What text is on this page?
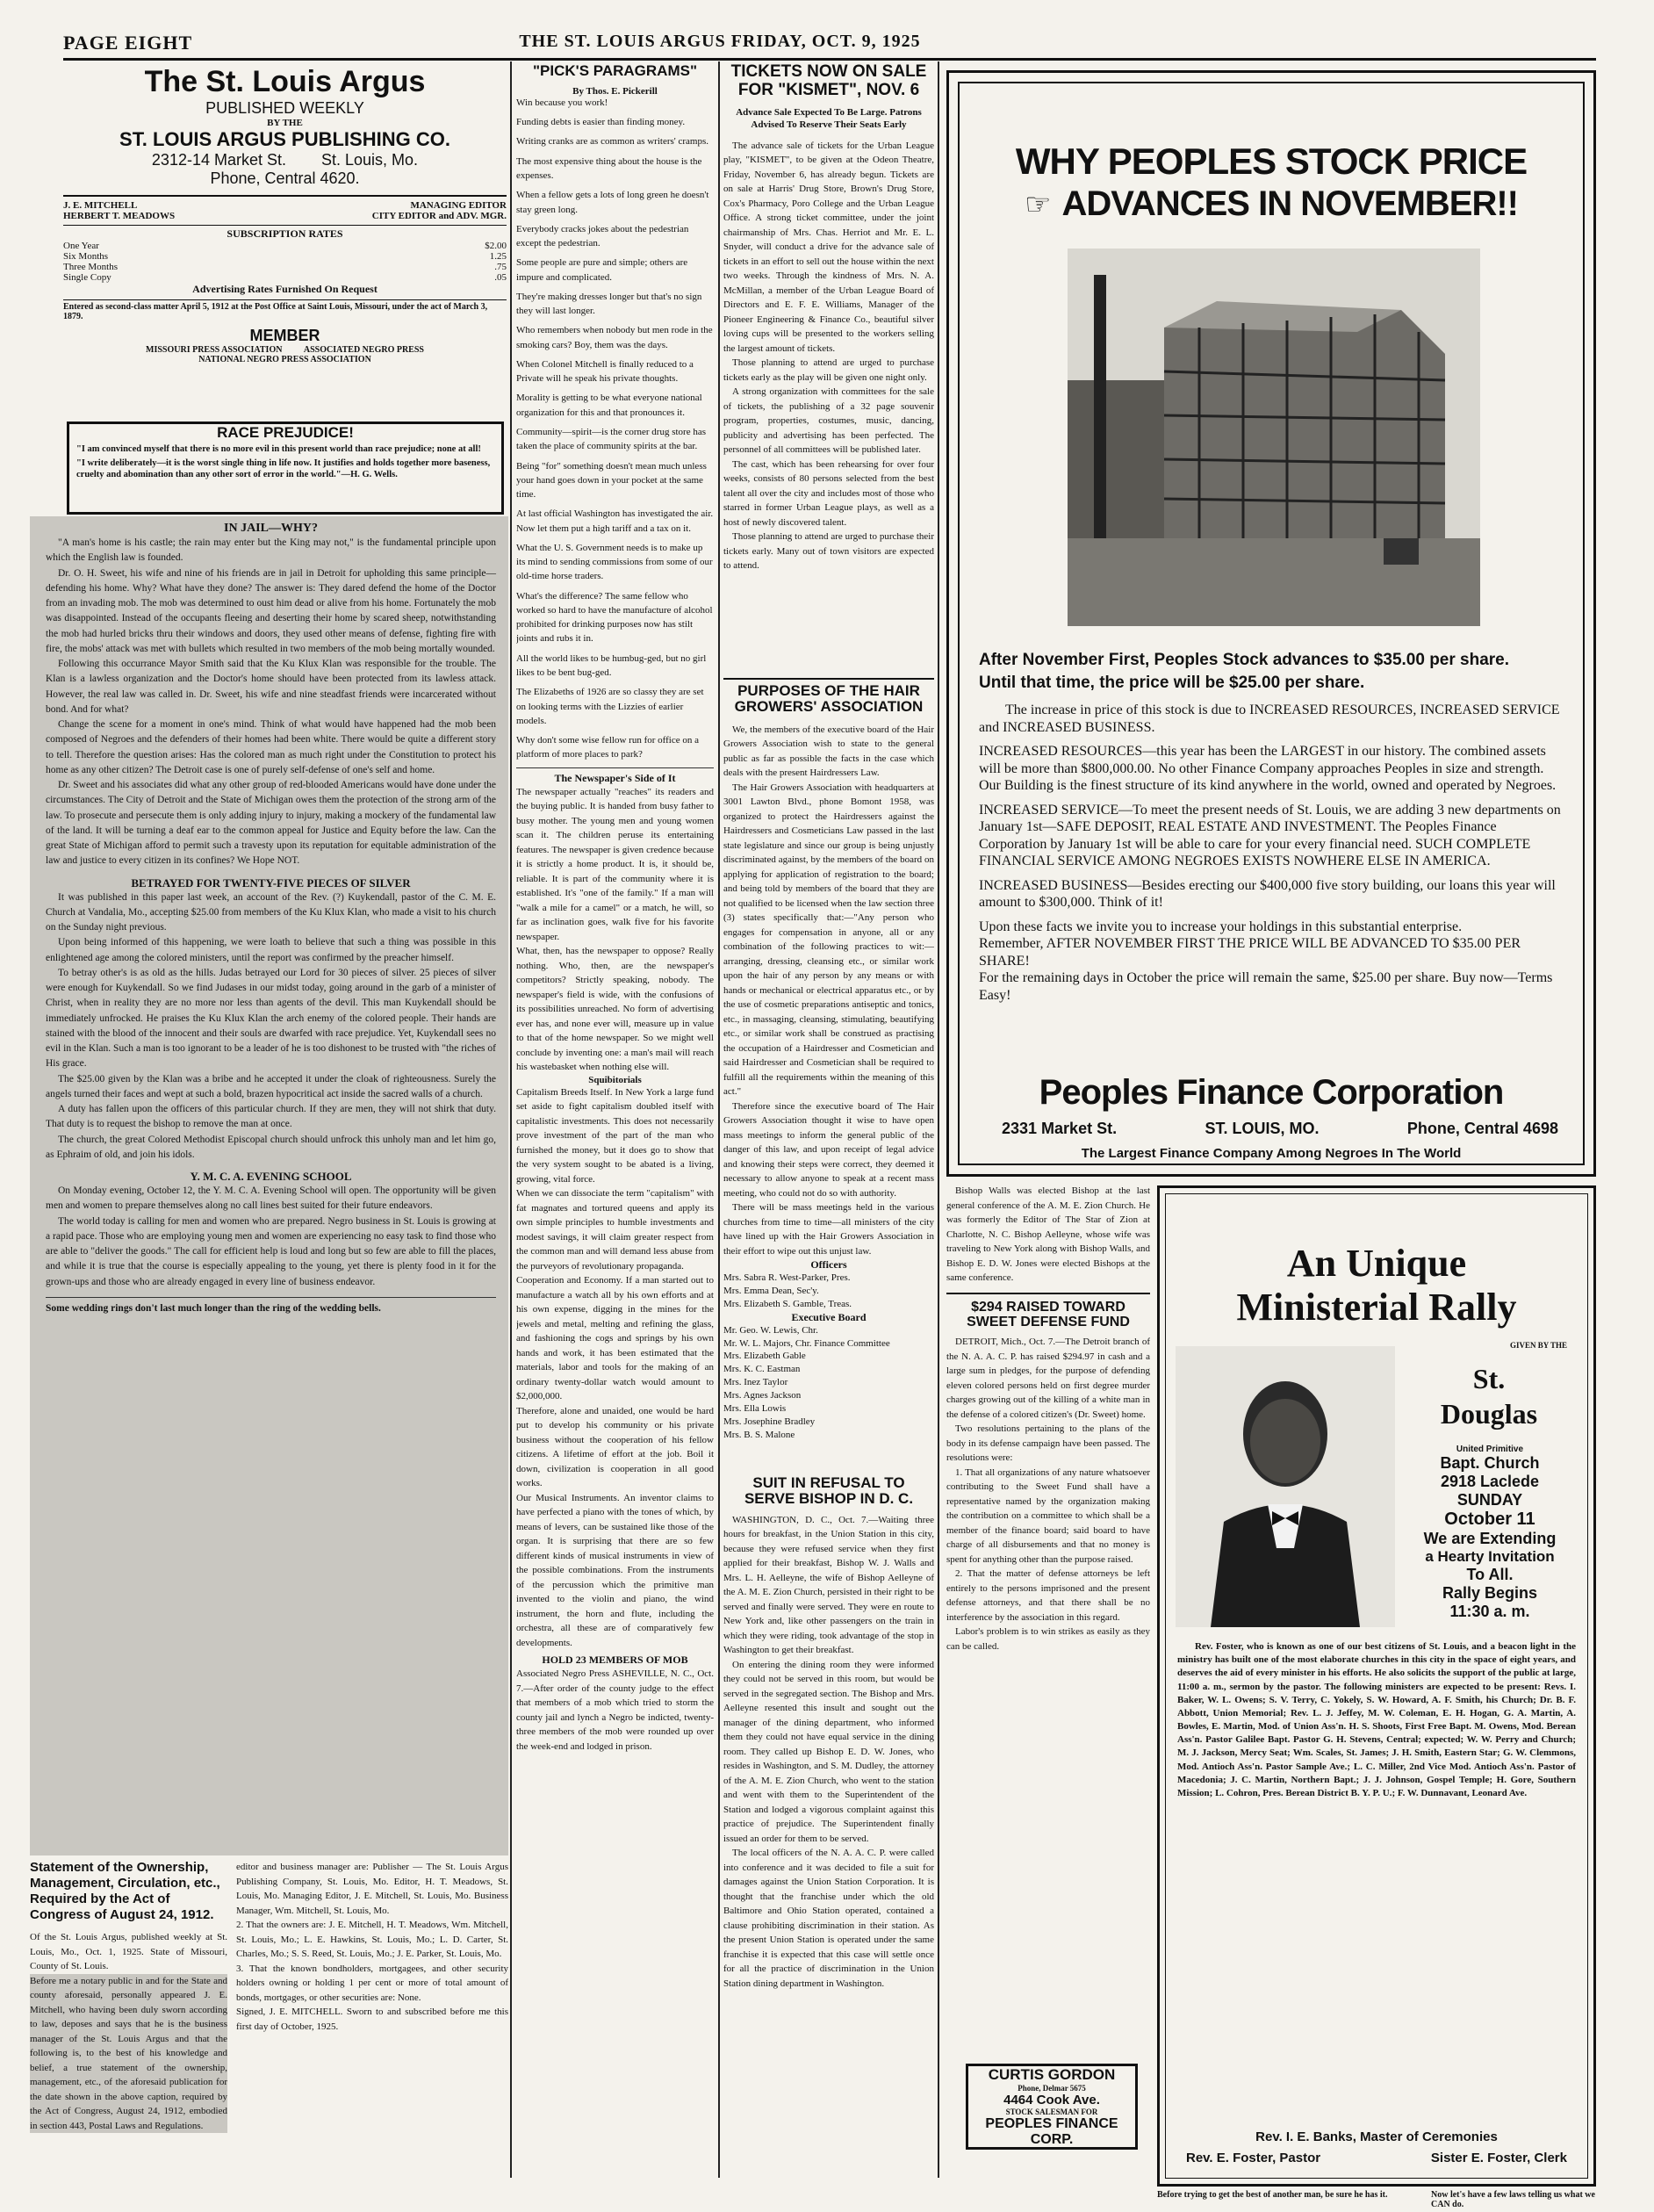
PAGE EIGHT	THE ST. LOUIS ARGUS FRIDAY, OCT. 9, 1925
The St. Louis Argus
PUBLISHED WEEKLY
BY THE
ST. LOUIS ARGUS PUBLISHING CO.
2312-14 Market St.        St. Louis, Mo.
Phone, Central 4620.
J. E. MITCHELL	MANAGING EDITOR
HERBERT T. MEADOWS	CITY EDITOR and ADV. MGR.
SUBSCRIPTION RATES
One Year	$2.00
Six Months	1.25
Three Months	.75
Single Copy	.05
Advertising Rates Furnished On Request
Entered as second-class matter April 5, 1912 at the Post Office at Saint Louis, Missouri, under the act of March 3, 1879.
MEMBER
MISSOURI PRESS ASSOCIATION          ASSOCIATED NEGRO PRESS
NATIONAL NEGRO PRESS ASSOCIATION
RACE PREJUDICE!
"I am convinced myself that there is no more evil in this present world than race prejudice; none at all!
"I write deliberately—it is the worst single thing in life now. It justifies and holds together more baseness, cruelty and abomination than any other sort of error in the world."—H. G. Wells.
IN JAIL—WHY?
"A man's home is his castle; the rain may enter but the King may not," is the fundamental principle upon which the English law is founded.
Dr. O. H. Sweet, his wife and nine of his friends are in jail in Detroit for upholding this same principle—defending his home. Why? What have they done? The answer is: They dared defend the home of the Doctor from an invading mob. The mob was determined to oust him dead or alive from his home. Fortunately the mob was disappointed. Instead of the occupants fleeing and deserting their home by scared sheep, notwithstanding the mob had hurled bricks thru their windows and doors, they used other means of defense, fighting fire with fire, the mobs' attack was met with bullets which resulted in two members of the mob being mortally wounded.
Following this occurrance Mayor Smith said that the Ku Klux Klan was responsible for the trouble. The Klan is a lawless organization and the Doctor's home should have been protected from its lawless attack. However, the real law was called in. Dr. Sweet, his wife and nine steadfast friends were incarcerated without bond. And for what?
Change the scene for a moment in one's mind. Think of what would have happened had the mob been composed of Negroes and the defenders of their homes had been white. There would be quite a different story to tell. Therefore the question arises: Has the colored man as much right under the Constitution to protect his home as any other citizen? The Detroit case is one of purely self-defense of one's self and home.
Dr. Sweet and his associates did what any other group of red-blooded Americans would have done under the circumstances. The City of Detroit and the State of Michigan owes them the protection of the strong arm of the law. To prosecute and persecute them is only adding injury to injury, making a mockery of the fundamental law of the land. It will be turning a deaf ear to the common appeal for Justice and Equity before the law. Can the great State of Michigan afford to permit such a travesty upon its reputation for equitable administration of the law and justice to every citizen in its confines? We Hope NOT.
BETRAYED FOR TWENTY-FIVE PIECES OF SILVER
It was published in this paper last week, an account of the Rev. (?) Kuykendall, pastor of the C. M. E. Church at Vandalia, Mo., accepting $25.00 from members of the Ku Klux Klan, who made a visit to his church on the Sunday night previous.
Upon being informed of this happening, we were loath to believe that such a thing was possible in this enlightened age among the colored ministers, until the report was confirmed by the preacher himself.
To betray other's is as old as the hills. Judas betrayed our Lord for 30 pieces of silver. 25 pieces of silver were enough for Kuykendall. So we find Judases in our midst today, going around in the garb of a minister of Christ, when in reality they are no more nor less than agents of the devil. This man Kuykendall should be immediately unfrocked. He praises the Ku Klux Klan the arch enemy of the colored people. Their hands are stained with the blood of the innocent and their souls are dwarfed with race prejudice. Yet, Kuykendall sees no evil in the Klan. Such a man is too ignorant to be a leader of he is too dishonest to be trusted with "the riches of His grace.
The $25.00 given by the Klan was a bribe and he accepted it under the cloak of righteousness. Surely the angels turned their faces and wept at such a bold, brazen hypocritical act inside the sacred walls of a church.
A duty has fallen upon the officers of this particular church. If they are men, they will not shirk that duty. That duty is to request the bishop to remove the man at once.
The church, the great Colored Methodist Episcopal church should unfrock this unholy man and let him go, as Ephraim of old, and join his idols.
Y. M. C. A. EVENING SCHOOL
On Monday evening, October 12, the Y. M. C. A. Evening School will open. The opportunity will be given men and women to prepare themselves along no call lines best suited for their future endeavors.
The world today is calling for men and women who are prepared. Negro business in St. Louis is growing at a rapid pace. Those who are employing young men and women are experiencing no easy task to find those who are able to "deliver the goods." The call for efficient help is loud and long but so few are able to fill the places, and while it is true that the course is especially appealing to the young, yet there is plenty food in it for the grown-ups and those who are already engaged in every line of business endeavor.
Some wedding rings don't last much longer than the ring of the wedding bells.
Statement of the Ownership, Management, Circulation, etc., Required by the Act of Congress of August 24, 1912.
Of the St. Louis Argus, published weekly at St. Louis, Mo., Oct. 1, 1925. State of Missouri, County of St. Louis.
Before me a notary public in and for the State and county aforesaid, personally appeared J. E. Mitchell, who having been duly sworn according to law, deposes and says that he is the business manager of the St. Louis Argus and that the following is, to the best of his knowledge and belief, a true statement of the ownership, management, etc., of the aforesaid publication for the date shown in the above caption, required by the Act of Congress, August 24, 1912, embodied in section 443, Postal Laws and Regulations.
editor and business manager are: Publisher — The St. Louis Argus Publishing Company, St. Louis, Mo. Editor, H. T. Meadows, St. Louis, Mo. Managing Editor, J. E. Mitchell, St. Louis, Mo. Business Manager, Wm. Mitchell, St. Louis, Mo.
2. That the owners are: J. E. Mitchell, H. T. Meadows, Wm. Mitchell, St. Louis, Mo.; L. E. Hawkins, St. Louis, Mo.; L. D. Carter, St. Charles, Mo.; S. S. Reed, St. Louis, Mo.; J. E. Parker, St. Louis, Mo.
3. That the known bondholders, mortgagees, and other security holders owning or holding 1 per cent or more of total amount of bonds, mortgages, or other securities are: None.
Signed, J. E. MITCHELL. Sworn to and subscribed before me this first day of October, 1925.
"PICK'S PARAGRAMS"
By Thos. E. Pickerill
Win because you work!

Funding debts is easier than finding money.

Writing cranks are as common as writers' cramps.

The most expensive thing about the house is the expenses.

When a fellow gets a lots of long green he doesn't stay green long.

Everybody cracks jokes about the pedestrian except the pedestrian.

Some people are pure and simple; others are impure and complicated.

They're making dresses longer but that's no sign they will last longer.

Who remembers when nobody but men rode in the smoking cars? Boy, them was the days.

When Colonel Mitchell is finally reduced to a Private will he speak his private thoughts.

Morality is getting to be what everyone national organization for this and that pronounces it.

Community—spirit—is the corner drug store has taken the place of community spirits at the bar.

Being "for" something doesn't mean much unless your hand goes down in your pocket at the same time.

At last official Washington has investigated the air. Now let them put a high tariff and a tax on it.

What the U. S. Government needs is to make up its mind to sending commissions from some of our old-time horse traders.

What's the difference? The same fellow who worked so hard to have the manufacture of alcohol prohibited for drinking purposes now has stilt joints and rubs it in.

All the world likes to be humbug-ged, but no girl likes to be bent bug-ged.

The Elizabeths of 1926 are so classy they are set on looking terms with the Lizzies of earlier models.

Why don't some wise fellow run for office on a platform of more places to park?

The Newspaper's Side of It
The newspaper actually "reaches" its readers and the buying public. It is handed from busy father to busy mother. The young men and young women scan it. The children peruse its entertaining features. The newspaper is given credence because it is strictly a home product. It is, it should be, reliable. It is part of the community where it is established. It's "one of the family." If a man will "walk a mile for a camel" or a match, he will, so far as inclination goes, walk five for his favorite newspaper.
What, then, has the newspaper to oppose? Really nothing. Who, then, are the newspaper's competitors? Strictly speaking, nobody. The newspaper's field is wide, with the confusions of its possibilities unreached. No form of advertising ever has, and none ever will, measure up in value to that of the home newspaper. So we might well conclude by inventing one: a man's mail will reach his wastebasket when nothing else will.
Squibitorials
Capitalism Breeds Itself. In New York a large fund set aside to fight capitalism doubled itself with capitalistic investments. This does not necessarily prove investment of the part of the man who furnished the money, but it does go to show that the very system sought to be abated is a living, growing, vital force.
When we can dissociate the term "capitalism" with fat magnates and tortured queens and apply its own simple principles to humble investments and modest savings, it will claim greater respect from the common man and will demand less abuse from the purveyors of revolutionary propaganda.
Cooperation and Economy. If a man started out to manufacture a watch all by his own efforts and at his own expense, digging in the mines for the jewels and metal, melting and refining the glass, and fashioning the cogs and springs by his own hands and work, it has been estimated that the materials, labor and tools for the making of an ordinary twenty-dollar watch would amount to $2,000,000.
Therefore, alone and unaided, one would be hard put to develop his community or his private business without the cooperation of his fellow citizens. A lifetime of effort at the job. Boil it down, civilization is cooperation in all good works.
Our Musical Instruments. An inventor claims to have perfected a piano with the tones of which, by means of levers, can be sustained like those of the organ. It is surprising that there are so few different kinds of musical instruments in view of the possible combinations. From the instruments of the percussion which the primitive man invented to the violin and piano, the wind instrument, the horn and flute, including the orchestra, all these are of comparatively few developments.
HOLD 23 MEMBERS OF MOB
Associated Negro Press ASHEVILLE, N. C., Oct. 7.—After order of the county judge to the effect that members of a mob which tried to storm the county jail and lynch a Negro be indicted, twenty-three members of the mob were rounded up over the week-end and lodged in prison.
TICKETS NOW ON SALE
FOR "KISMET", NOV. 6
Advance Sale Expected To Be Large. Patrons Advised To Reserve Their Seats Early
The advance sale of tickets for the Urban League play, "KISMET", to be given at the Odeon Theatre, Friday, November 6, has already begun. Tickets are on sale at Harris' Drug Store, Brown's Drug Store, Cox's Pharmacy, Poro College and the Urban League Office. A strong ticket committee, under the joint chairmanship of Mrs. Chas. Herriot and Mr. E. L. Snyder, will conduct a drive for the advance sale of tickets in an effort to sell out the house within the next two weeks. Through the kindness of Mrs. N. A. McMillan, a member of the Urban League Board of Directors and E. F. E. Williams, Manager of the Pioneer Engineering & Finance Co., beautiful silver loving cups will be presented to the workers selling the largest amount of tickets.
Those planning to attend are urged to purchase tickets early as the play will be given one night only.
A strong organization with committees for the sale of tickets, the publishing of a 32 page souvenir program, properties, costumes, music, dancing, publicity and advertising has been perfected. The personnel of all committees will be published later.
The cast, which has been rehearsing for over four weeks, consists of 80 persons selected from the best talent all over the city and includes most of those who starred in former Urban League plays, as well as a host of newly discovered talent.
Those planning to attend are urged to purchase their tickets early. Many out of town visitors are expected to attend.
PURPOSES OF THE HAIR
GROWERS' ASSOCIATION
We, the members of the executive board of the Hair Growers Association wish to state to the general public as far as possible the facts in the case which deals with the present Hairdressers Law.
The Hair Growers Association with headquarters at 3001 Lawton Blvd., phone Bomont 1958, was organized to protect the Hairdressers against the Hairdressers and Cosmeticians Law passed in the last state legislature and since our group is being unjustly discriminated against, by the members of the board on applying for application of registration to the board; and being told by members of the board that they are not qualified to be licensed when the law section three (3) states specifically that:—"Any person who engages for compensation in anyone, all or any combination of the following practices to wit:—arranging, dressing, cleansing etc., or similar work upon the hair of any person by any means or with hands or mechanical or electrical apparatus etc., or by the use of cosmetic preparations antiseptic and tonics, etc., in massaging, cleansing, stimulating, beautifying etc., or similar work shall be construed as practising the occupation of a Hairdresser and Cosmetician and said Hairdresser and Cosmetician shall be required to fulfill all the requirements within the meaning of this act."
Therefore since the executive board of The Hair Growers Association thought it wise to have open mass meetings to inform the general public of the danger of this law, and upon receipt of legal advice and knowing their steps were correct, they deemed it necessary to allow anyone to speak at a recent mass meeting, who could not do so with authority.
There will be mass meetings held in the various churches from time to time—all ministers of the city have lined up with the Hair Growers Association in their effort to wipe out this unjust law.
Officers
Mrs. Sabra R. West-Parker, Pres.
Mrs. Emma Dean, Sec'y.
Mrs. Elizabeth S. Gamble, Treas.
Executive Board
Mr. Geo. W. Lewis, Chr.
Mr. W. L. Majors, Chr. Finance Committee
Mrs. Elizabeth Gable
Mrs. K. C. Eastman
Mrs. Inez Taylor
Mrs. Agnes Jackson
Mrs. Ella Lowis
Mrs. Josephine Bradley
Mrs. B. S. Malone
SUIT IN REFUSAL TO
SERVE BISHOP IN D. C.
WASHINGTON, D. C., Oct. 7.—Waiting three hours for breakfast, in the Union Station in this city, because they were refused service when they first applied for their breakfast, Bishop W. J. Walls and Mrs. L. H. Aelleyne, the wife of Bishop Aelleyne of the A. M. E. Zion Church, persisted in their right to be served and finally were served. They were en route to New York and, like other passengers on the train in which they were riding, took advantage of the stop in Washington to get their breakfast.
On entering the dining room they were informed they could not be served in this room, but would be served in the segregated section. The Bishop and Mrs. Aelleyne resented this insult and sought out the manager of the dining department, who informed them they could not have equal service in the dining room. They called up Bishop E. D. W. Jones, who resides in Washington, and S. M. Dudley, the attorney of the A. M. E. Zion Church, who went to the station and went with them to the Superintendent of the Station and lodged a vigorous complaint against this practice of prejudice. The Superintendent finally issued an order for them to be served.
The local officers of the N. A. A. C. P. were called into conference and it was decided to file a suit for damages against the Union Station Corporation. It is thought that the franchise under which the old Baltimore and Ohio Station operated, contained a clause prohibiting discrimination in their station. As the present Union Station is operated under the same franchise it is expected that this case will settle once for all the practice of discrimination in the Union Station dining department in Washington.
WHY PEOPLES STOCK PRICE
☞ ADVANCES IN NOVEMBER!!
After November First, Peoples Stock advances to $35.00 per share.
Until that time, the price will be $25.00 per share.
The increase in price of this stock is due to INCREASED RESOURCES, INCREASED SERVICE and INCREASED BUSINESS.
INCREASED RESOURCES—this year has been the LARGEST in our history. The combined assets will be more than $800,000.00. No other Finance Company approaches Peoples in size and strength. Our Building is the finest structure of its kind anywhere in the world, owned and operated by Negroes.
INCREASED SERVICE—To meet the present needs of St. Louis, we are adding 3 new departments on January 1st—SAFE DEPOSIT, REAL ESTATE AND INVESTMENT. The Peoples Finance Corporation by January 1st will be able to care for your every financial need. SUCH COMPLETE FINANCIAL SERVICE AMONG NEGROES EXISTS NOWHERE ELSE IN AMERICA.
INCREASED BUSINESS—Besides erecting our $400,000 five story building, our loans this year will amount to $300,000. Think of it!
Upon these facts we invite you to increase your holdings in this substantial enterprise.
Remember, AFTER NOVEMBER FIRST THE PRICE WILL BE ADVANCED TO $35.00 PER SHARE!
For the remaining days in October the price will remain the same, $25.00 per share. Buy now—Terms Easy!
Peoples Finance Corporation
2331 Market St.	ST. LOUIS, MO.	Phone, Central 4698
The Largest Finance Company Among Negroes In The World
Bishop Walls was elected Bishop at the last general conference of the A. M. E. Zion Church. He was formerly the Editor of The Star of Zion at Charlotte, N. C. Bishop Aelleyne, whose wife was traveling to New York along with Bishop Walls, and Bishop E. D. W. Jones were elected Bishops at the same conference.
$294 RAISED TOWARD
SWEET DEFENSE FUND
DETROIT, Mich., Oct. 7.—The Detroit branch of the N. A. A. C. P. has raised $294.97 in cash and a large sum in pledges, for the purpose of defending eleven colored persons held on first degree murder charges growing out of the killing of a white man in the defense of a colored citizen's (Dr. Sweet) home.
Two resolutions pertaining to the plans of the body in its defense campaign have been passed. The resolutions were:
1. That all organizations of any nature whatsoever contributing to the Sweet Fund shall have a representative named by the organization making the contribution on a committee to which shall be a member of the finance board; said board to have charge of all disbursements and that no money is spent for anything other than the purpose raised.
2. That the matter of defense attorneys be left entirely to the persons imprisoned and the present defense attorneys, and that there shall be no interference by the association in this regard.
Labor's problem is to win strikes as easily as they can be called.
CURTIS GORDON
Phone, Delmar 5675
4464 Cook Ave.
STOCK SALESMAN FOR
PEOPLES FINANCE CORP.
An Unique
Ministerial Rally
GIVEN BY THE
St.
Douglas
United Primitive
Bapt. Church
2918 Laclede
SUNDAY
October 11
We are Extending
a Hearty Invitation
To All.
Rally Begins
11:30 a. m.
Rev. Foster, who is known as one of our best citizens of St. Louis, and a beacon light in the ministry has built one of the most elaborate churches in this city in the space of eight years, and deserves the aid of every minister in his efforts. He also solicits the support of the public at large, 11:00 a. m., sermon by the pastor. The following ministers are expected to be present: Revs. I. Baker, W. L. Owens; S. V. Terry, C. Yokely, S. W. Howard, A. F. Smith, his Church; Dr. B. F. Abbott, Union Memorial; Rev. L. J. Jeffey, M. W. Coleman, E. H. Hogan, G. A. Martin, A. Bowles, E. Martin, Mod. of Union Ass'n. H. S. Shoots, First Free Bapt. M. Owens, Mod. Berean Ass'n. Pastor Galilee Bapt. Pastor G. H. Stevens, Central; expected; W. W. Perry and Church; M. J. Jackson, Mercy Seat; Wm. Scales, St. James; J. H. Smith, Eastern Star; G. W. Clemmons, Mod. Antioch Ass'n. Pastor Sample Ave.; L. C. Miller, 2nd Vice Mod. Antioch Ass'n. Pastor of Macedonia; J. C. Martin, Northern Bapt.; J. J. Johnson, Gospel Temple; H. Gore, Southern Mission; L. Cohron, Pres. Berean District B. Y. P. U.; F. W. Dunnavant, Leonard Ave.
Rev. I. E. Banks, Master of Ceremonies
Rev. E. Foster, Pastor	Sister E. Foster, Clerk
Before trying to get the best of another man, be sure he has it.	Now let's have a few laws telling us what we CAN do.
